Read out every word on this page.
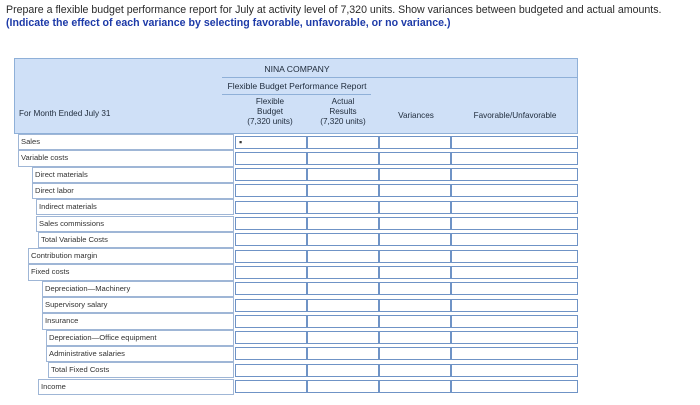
Prepare a flexible budget performance report for July at activity level of 7,320 units. Show variances between budgeted and actual amounts. (Indicate the effect of each variance by selecting favorable, unfavorable, or no variance.)
NINA COMPANY
Flexible Budget Performance Report
Flexible
Budget
(7,320 units)
Actual
Results
(7,320 units)
Variances	Favorable/Unfavorable
For Month Ended July 31
Sales
Variable costs
Direct materials
Direct labor
Indirect materials
Sales commissions
Total Variable Costs
Contribution margin
Fixed costs
Depreciation—Machinery
Supervisory salary
Insurance
Depreciation—Office equipment
Administrative salaries
Total Fixed Costs
Income
▪
